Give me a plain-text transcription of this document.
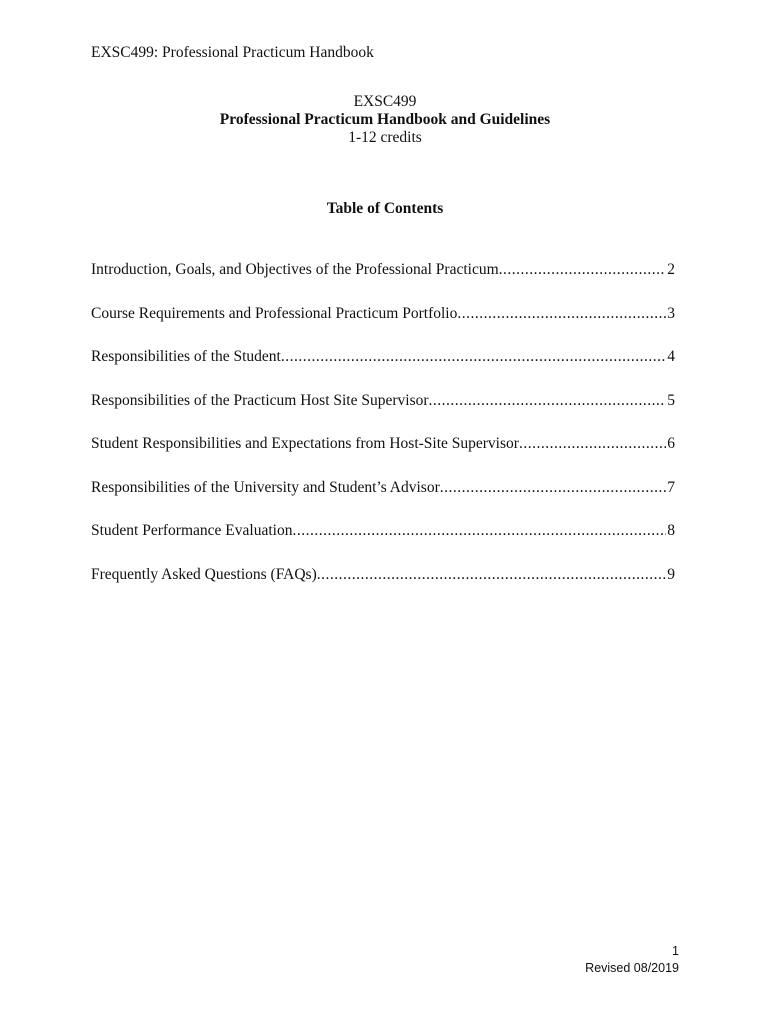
EXSC499: Professional Practicum Handbook
EXSC499
Professional Practicum Handbook and Guidelines
1-12 credits
Table of Contents
Introduction, Goals, and Objectives of the Professional Practicum .....	2
Course Requirements and Professional Practicum Portfolio .....	3
Responsibilities of the Student .....	4
Responsibilities of the Practicum Host Site Supervisor .....	5
Student Responsibilities and Expectations from Host-Site Supervisor .....	6
Responsibilities of the University and Student’s Advisor .....	7
Student Performance Evaluation .....	8
Frequently Asked Questions (FAQs) .....	9
1
Revised 08/2019
